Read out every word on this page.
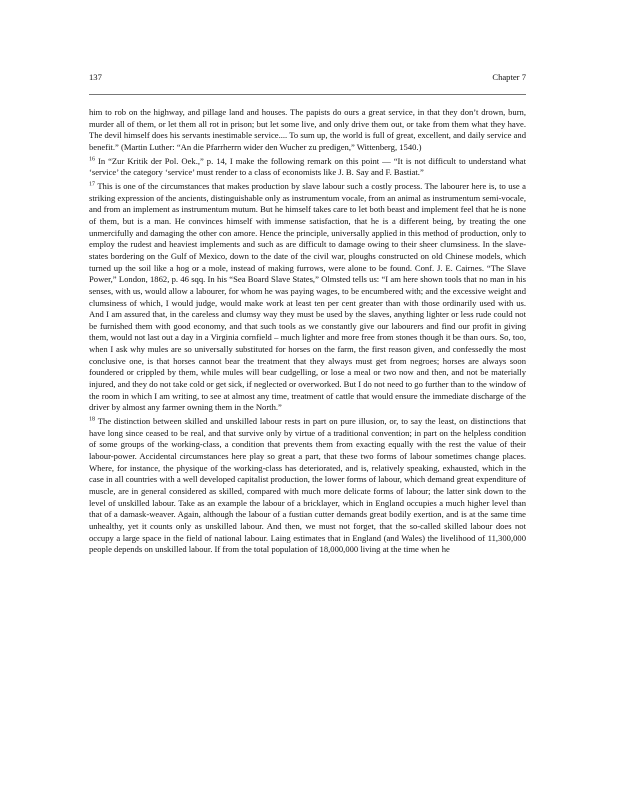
137	Chapter 7

him to rob on the highway, and pillage land and houses. The papists do ours a great service, in that they don’t drown, burn, murder all of them, or let them all rot in prison; but let some live, and only drive them out, or take from them what they have. The devil himself does his servants inestimable service.... To sum up, the world is full of great, excellent, and daily service and benefit.” (Martin Luther: “An die Pfarrherrn wider den Wucher zu predigen,” Wittenberg, 1540.)

$^{16}$ In “Zur Kritik der Pol. Oek.,” p. 14, I make the following remark on this point — “It is not difficult to understand what ‘service’ the category ‘service’ must render to a class of economists like J. B. Say and F. Bastiat.”

$^{17}$ This is one of the circumstances that makes production by slave labour such a costly process. The labourer here is, to use a striking expression of the ancients, distinguishable only as instrumentum vocale, from an animal as instrumentum semi-vocale, and from an implement as instrumentum mutum. But he himself takes care to let both beast and implement feel that he is none of them, but is a man. He convinces himself with immense satisfaction, that he is a different being, by treating the one unmercifully and damaging the other con amore. Hence the principle, universally applied in this method of production, only to employ the rudest and heaviest implements and such as are difficult to damage owing to their sheer clumsiness. In the slave-states bordering on the Gulf of Mexico, down to the date of the civil war, ploughs constructed on old Chinese models, which turned up the soil like a hog or a mole, instead of making furrows, were alone to be found. Conf. J. E. Cairnes. “The Slave Power,” London, 1862, p. 46 sqq. In his “Sea Board Slave States,” Olmsted tells us: “I am here shown tools that no man in his senses, with us, would allow a labourer, for whom he was paying wages, to be encumbered with; and the excessive weight and clumsiness of which, I would judge, would make work at least ten per cent greater than with those ordinarily used with us. And I am assured that, in the careless and clumsy way they must be used by the slaves, anything lighter or less rude could not be furnished them with good economy, and that such tools as we constantly give our labourers and find our profit in giving them, would not last out a day in a Virginia cornfield – much lighter and more free from stones though it be than ours. So, too, when I ask why mules are so universally substituted for horses on the farm, the first reason given, and confessedly the most conclusive one, is that horses cannot bear the treatment that they always must get from negroes; horses are always soon foundered or crippled by them, while mules will bear cudgelling, or lose a meal or two now and then, and not be materially injured, and they do not take cold or get sick, if neglected or overworked. But I do not need to go further than to the window of the room in which I am writing, to see at almost any time, treatment of cattle that would ensure the immediate discharge of the driver by almost any farmer owning them in the North.”

$^{18}$ The distinction between skilled and unskilled labour rests in part on pure illusion, or, to say the least, on distinctions that have long since ceased to be real, and that survive only by virtue of a traditional convention; in part on the helpless condition of some groups of the working-class, a condition that prevents them from exacting equally with the rest the value of their labour-power. Accidental circumstances here play so great a part, that these two forms of labour sometimes change places. Where, for instance, the physique of the working-class has deteriorated, and is, relatively speaking, exhausted, which in the case in all countries with a well developed capitalist production, the lower forms of labour, which demand great expenditure of muscle, are in general considered as skilled, compared with much more delicate forms of labour; the latter sink down to the level of unskilled labour. Take as an example the labour of a bricklayer, which in England occupies a much higher level than that of a damask-weaver. Again, although the labour of a fustian cutter demands great bodily exertion, and is at the same time unhealthy, yet it counts only as unskilled labour. And then, we must not forget, that the so-called skilled labour does not occupy a large space in the field of national labour. Laing estimates that in England (and Wales) the livelihood of 11,300,000 people depends on unskilled labour. If from the total population of 18,000,000 living at the time when he
